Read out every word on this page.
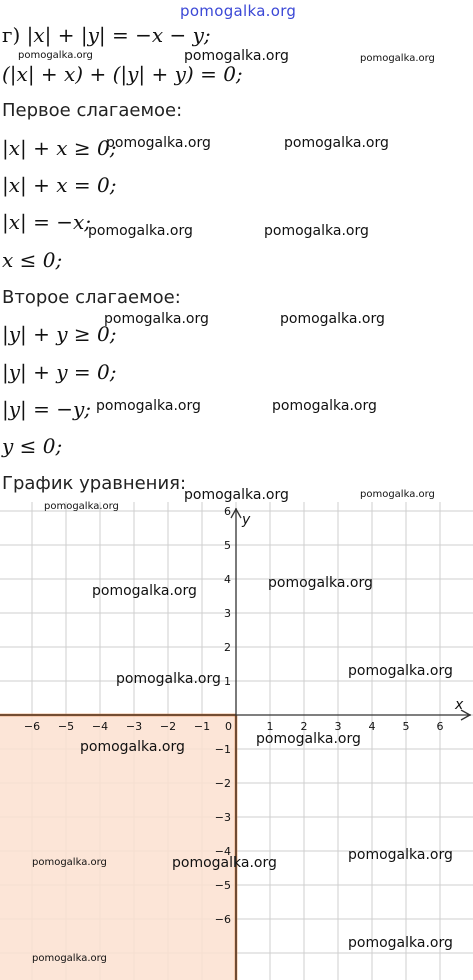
pomogalka.org
г) |x| + |y| = −x − y;
pomogalka.org	pomogalka.org	pomogalka.org
(|x| + x) + (|y| + y) = 0;
Первое слагаемое:
|x| + x ≥ 0;
pomogalka.org	pomogalka.org
|x| + x = 0;
|x| = −x;
pomogalka.org	pomogalka.org
x ≤ 0;
Второе слагаемое:
pomogalka.org	pomogalka.org
|y| + y ≥ 0;
|y| + y = 0;
|y| = −y; pomogalka.org	pomogalka.org
y ≤ 0;
График уравнения:
pomogalka.org	pomogalka.org
x
y
0
−6 −5 −4 −3 −2 −1	1 2 3 4 5 6
−6
−5
−4
−3
−2
−1
1
2
3
4
5
6
pomogalka.org
pomogalka.org	pomogalka.org
pomogalka.org	pomogalka.org
pomogalka.org	pomogalka.org
pomogalka.org	pomogalka.org	pomogalka.org
pomogalka.org
pomogalka.org
